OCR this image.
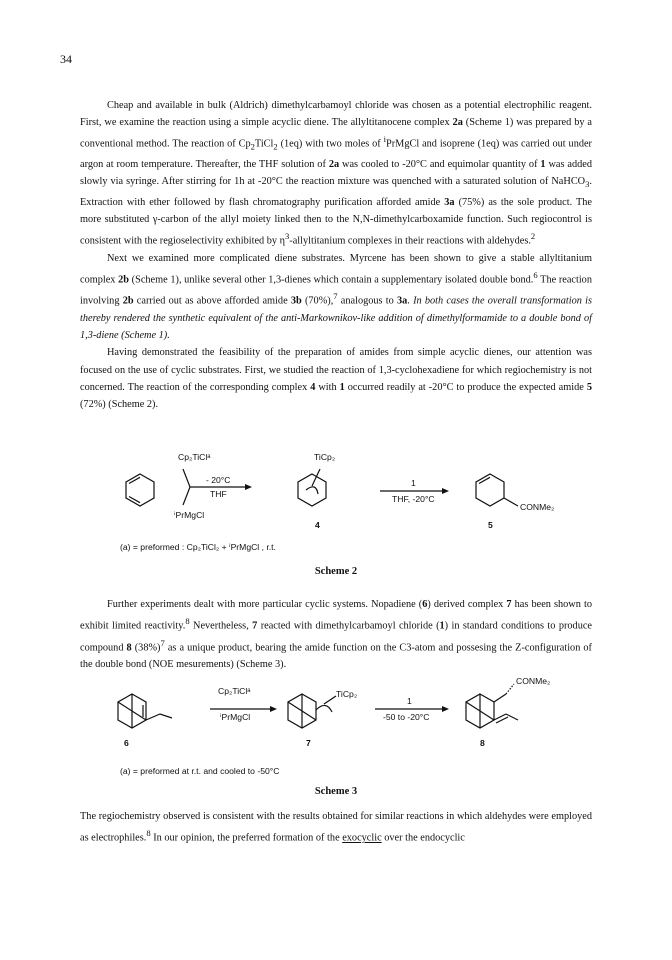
34

Cheap and available in bulk (Aldrich) dimethylcarbamoyl chloride was chosen as a potential electrophilic reagent. First, we examine the reaction using a simple acyclic diene. The allyltitanocene complex 2a (Scheme 1) was prepared by a conventional method. The reaction of $Cp_2TiCl_2$ (1eq) with two moles of $^i$PrMgCl and isoprene (1eq) was carried out under argon at room temperature. Thereafter, the THF solution of 2a was cooled to -20°C and equimolar quantity of 1 was added slowly via syringe. After stirring for 1h at -20°C the reaction mixture was quenched with a saturated solution of NaHCO$_3$. Extraction with ether followed by flash chromatography purification afforded amide 3a (75%) as the sole product. The more substituted γ-carbon of the allyl moiety linked then to the N,N-dimethylcarboxamide function. Such regiocontrol is consistent with the regioselectivity exhibited by $\eta^3$-allyltitanium complexes in their reactions with aldehydes.$^2$

Next we examined more complicated diene substrates. Myrcene has been shown to give a stable allyltitanium complex 2b (Scheme 1), unlike several other 1,3-dienes which contain a supplementary isolated double bond.$^6$ The reaction involving 2b carried out as above afforded amide 3b (70%),$^7$ analogous to 3a. In both cases the overall transformation is thereby rendered the synthetic equivalent of the anti-Markownikov-like addition of dimethylformamide to a double bond of 1,3-diene (Scheme 1).

Having demonstrated the feasibility of the preparation of amides from simple acyclic dienes, our attention was focused on the use of cyclic substrates. First, we studied the reaction of 1,3-cyclohexadiene for which regiochemistry is not concerned. The reaction of the corresponding complex 4 with 1 occurred readily at -20°C to produce the expected amide 5 (72%) (Scheme 2).

Cp₂TiClᵃ
- 20°C
THF
ⁱPrMgCl
TiCp₂
4
1
THF, -20°C
CONMe₂
5
(a) = preformed : Cp₂TiCl₂ + ⁱPrMgCl , r.t.
Scheme 2

Further experiments dealt with more particular cyclic systems. Nopadiene (6) derived complex 7 has been shown to exhibit limited reactivity.$^8$ Nevertheless, 7 reacted with dimethylcarbamoyl chloride (1) in standard conditions to produce compound 8 $(38\%)^7$ as a unique product, bearing the amide function on the C3-atom and possesing the Z-configuration of the double bond (NOE mesurements) (Scheme 3).

Cp₂TiClᵃ
ⁱPrMgCl
TiCp₂
1
-50 to -20°C
CONMe₂
6	7	8
(a) = preformed at r.t. and cooled to -50°C
Scheme 3

The regiochemistry observed is consistent with the results obtained for similar reactions in which aldehydes were employed as electrophiles.$^8$ In our opinion, the preferred formation of the exocyclic over the endocyclic
